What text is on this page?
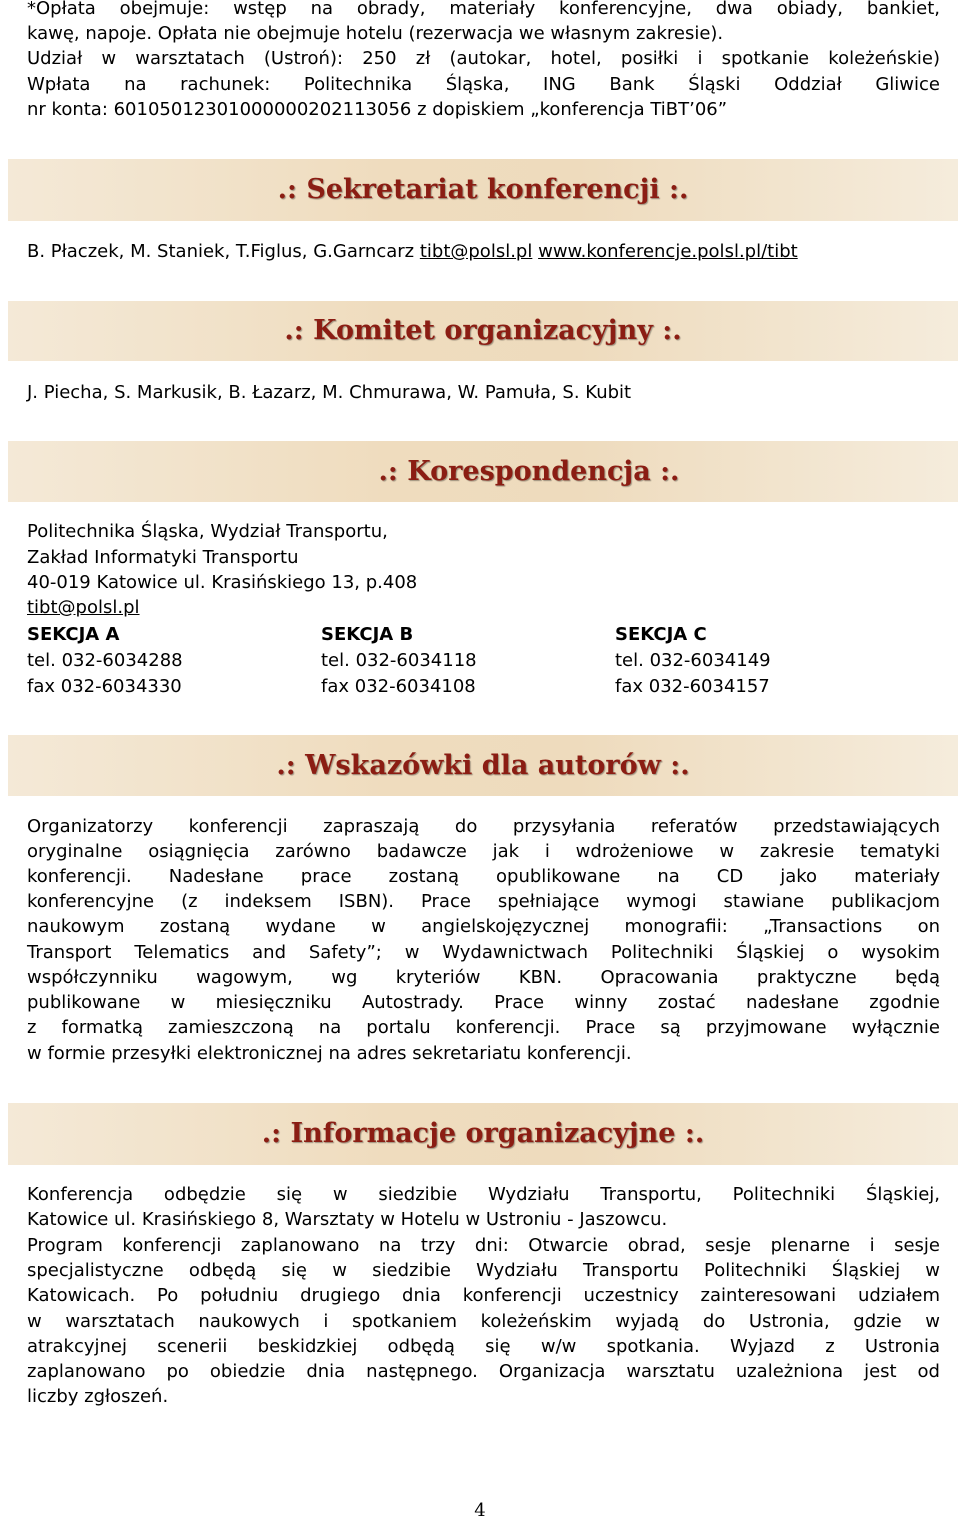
*Opłata obejmuje: wstęp na obrady, materiały konferencyjne, dwa obiady, bankiet,
kawę, napoje. Opłata nie obejmuje hotelu (rezerwacja we własnym zakresie).
Udział w warsztatach (Ustroń): 250 zł (autokar, hotel, posiłki i spotkanie koleżeńskie)
Wpłata na rachunek: Politechnika Śląska, ING Bank Śląski Oddział Gliwice
nr konta: 60105012301000000202113056 z dopiskiem „konferencja TiBT’06”
.: Sekretariat konferencji :.
B. Płaczek, M. Staniek, T.Figlus, G.Garncarz tibt@polsl.pl www.konferencje.polsl.pl/tibt
.: Komitet organizacyjny :.
J. Piecha, S. Markusik, B. Łazarz, M. Chmurawa, W. Pamuła, S. Kubit
.: Korespondencja :.
Politechnika Śląska, Wydział Transportu,
Zakład Informatyki Transportu
40-019 Katowice ul. Krasińskiego 13, p.408
tibt@polsl.pl
SEKCJA A
tel. 032-6034288
fax 032-6034330
SEKCJA B
tel. 032-6034118
fax 032-6034108
SEKCJA C
tel. 032-6034149
fax 032-6034157
.: Wskazówki dla autorów :.
Organizatorzy konferencji zapraszają do przysyłania referatów przedstawiających
oryginalne osiągnięcia zarówno badawcze jak i wdrożeniowe w zakresie tematyki
konferencji. Nadesłane prace zostaną opublikowane na CD jako materiały
konferencyjne (z indeksem ISBN). Prace spełniające wymogi stawiane publikacjom
naukowym zostaną wydane w angielskojęzycznej monografii: „Transactions on
Transport Telematics and Safety”; w Wydawnictwach Politechniki Śląskiej o wysokim
współczynniku wagowym, wg kryteriów KBN. Opracowania praktyczne będą
publikowane w miesięczniku Autostrady. Prace winny zostać nadesłane zgodnie
z formatką zamieszczoną na portalu konferencji. Prace są przyjmowane wyłącznie
w formie przesyłki elektronicznej na adres sekretariatu konferencji.
.: Informacje organizacyjne :.
Konferencja odbędzie się w siedzibie Wydziału Transportu, Politechniki Śląskiej,
Katowice ul. Krasińskiego 8, Warsztaty w Hotelu w Ustroniu - Jaszowcu.
Program konferencji zaplanowano na trzy dni: Otwarcie obrad, sesje plenarne i sesje
specjalistyczne odbędą się w siedzibie Wydziału Transportu Politechniki Śląskiej w
Katowicach. Po południu drugiego dnia konferencji uczestnicy zainteresowani udziałem
w warsztatach naukowych i spotkaniem koleżeńskim wyjadą do Ustronia, gdzie w
atrakcyjnej scenerii beskidzkiej odbędą się w/w spotkania. Wyjazd z Ustronia
zaplanowano po obiedzie dnia następnego. Organizacja warsztatu uzależniona jest od
liczby zgłoszeń.
4
